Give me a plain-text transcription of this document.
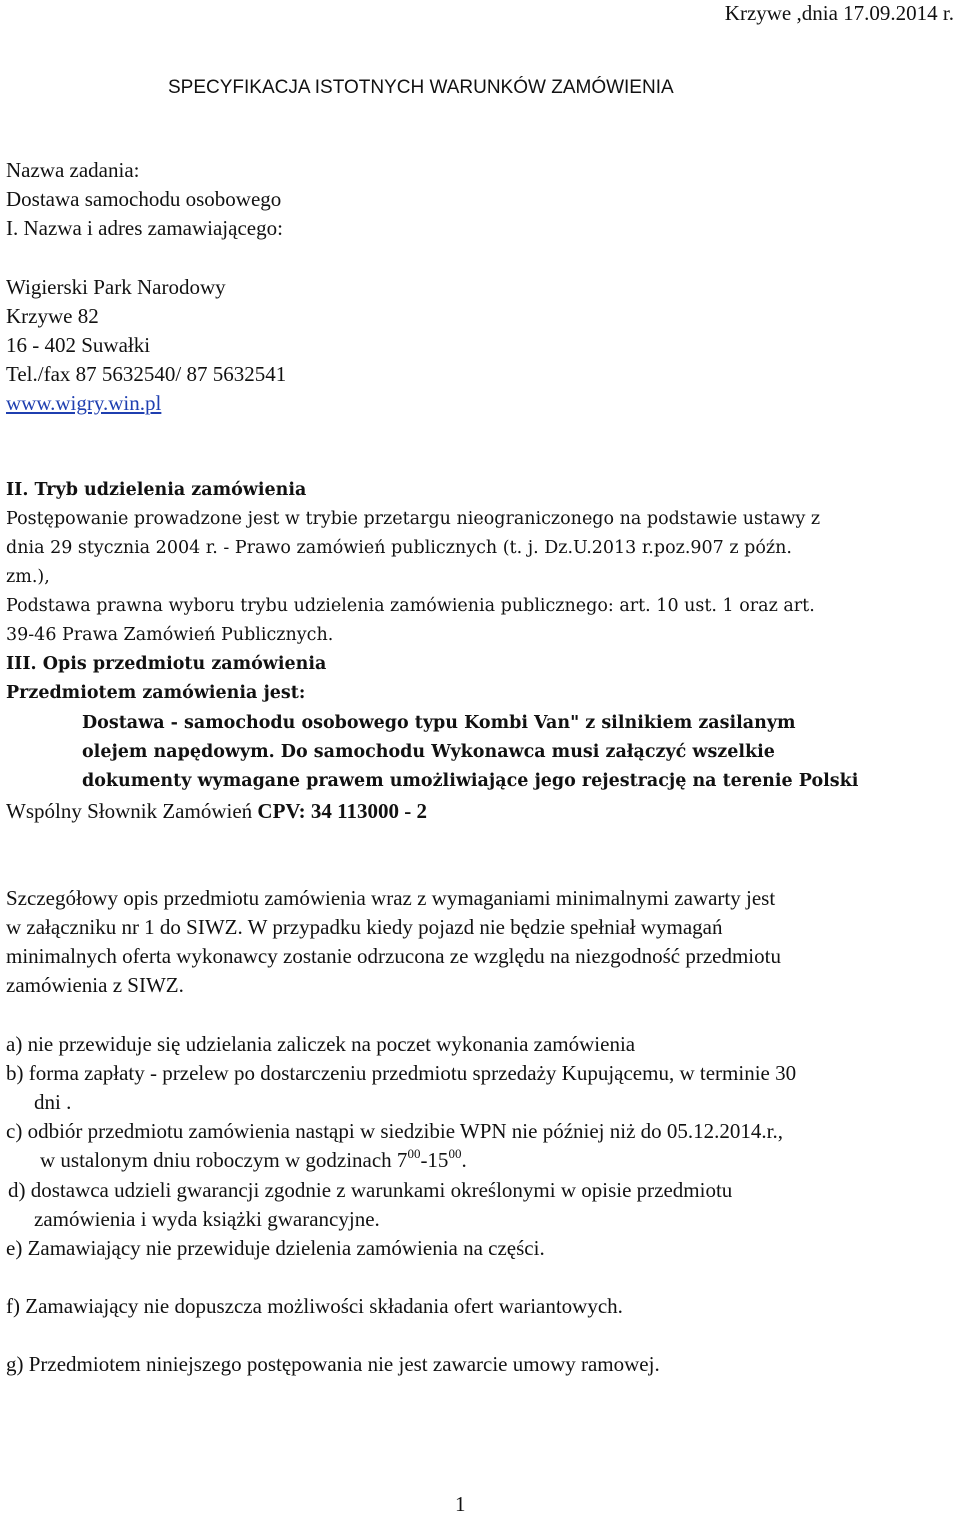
Krzywe ,dnia 17.09.2014 r.

SPECYFIKACJA ISTOTNYCH WARUNKÓW ZAMÓWIENIA

Nazwa zadania:

Dostawa samochodu osobowego

I. Nazwa i adres zamawiającego:

Wigierski Park Narodowy

Krzywe 82

16 - 402 Suwałki

Tel./fax 87 5632540/ 87 5632541

www.wigry.win.pl

II. Tryb udzielenia zamówienia

Postępowanie prowadzone jest w trybie przetargu nieograniczonego na podstawie ustawy z

dnia 29 stycznia 2004 r. - Prawo zamówień publicznych (t. j. Dz.U.2013 r.poz.907 z późn.

zm.),

Podstawa prawna wyboru trybu udzielenia zamówienia publicznego: art. 10 ust. 1 oraz art.

39-46 Prawa Zamówień Publicznych.

III. Opis przedmiotu zamówienia

Przedmiotem zamówienia jest:

Dostawa - samochodu osobowego typu Kombi Van" z silnikiem zasilanym

olejem napędowym. Do samochodu Wykonawca musi załączyć wszelkie

dokumenty wymagane prawem umożliwiające jego rejestrację na terenie Polski

Wspólny Słownik Zamówień CPV: 34 113000 - 2

Szczegółowy opis przedmiotu zamówienia wraz z wymaganiami minimalnymi zawarty jest

w załączniku nr 1 do SIWZ. W przypadku kiedy pojazd nie będzie spełniał wymagań

minimalnych oferta wykonawcy zostanie odrzucona ze względu na niezgodność przedmiotu

zamówienia z SIWZ.

a) nie przewiduje się udzielania zaliczek na poczet wykonania zamówienia

b) forma zapłaty - przelew po dostarczeniu przedmiotu sprzedaży Kupującemu, w terminie 30

dni .

c) odbiór przedmiotu zamówienia nastąpi w siedzibie WPN nie później niż do 05.12.2014.r.,

w ustalonym dniu roboczym w godzinach $7^{00}-15^{00}$.

d) dostawca udzieli gwarancji zgodnie z warunkami określonymi w opisie przedmiotu

zamówienia i wyda książki gwarancyjne.

e) Zamawiający nie przewiduje dzielenia zamówienia na części.

f) Zamawiający nie dopuszcza możliwości składania ofert wariantowych.

g) Przedmiotem niniejszego postępowania nie jest zawarcie umowy ramowej.

1
